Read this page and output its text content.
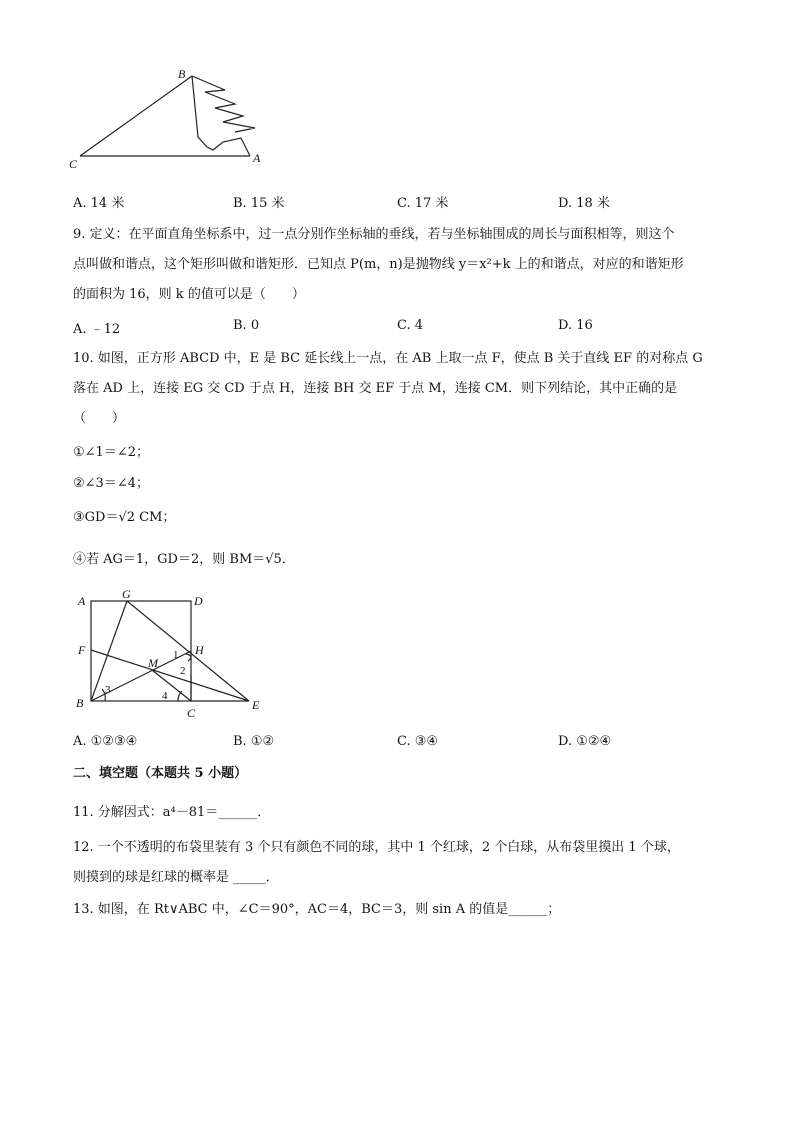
B
C	A
A. 14 米	B. 15 米	C. 17 米	D. 18 米
9. 定义：在平面直角坐标系中，过一点分别作坐标轴的垂线，若与坐标轴围成的周长与面积相等，则这个
点叫做和谐点，这个矩形叫做和谐矩形．已知点 P(m，n)是抛物线 y＝x²+k 上的和谐点，对应的和谐矩形
的面积为 16，则 k 的值可以是（　　）
A. ﹣12	B. 0	C. 4	D. 16
10. 如图，正方形 ABCD 中，E 是 BC 延长线上一点，在 AB 上取一点 F，使点 B 关于直线 EF 的对称点 G
落在 AD 上，连接 EG 交 CD 于点 H，连接 BH 交 EF 于点 M，连接 CM．则下列结论，其中正确的是
（　　）
①∠1＝∠2；
②∠3＝∠4；
③GD＝√2 CM；
④若 AG＝1，GD＝2，则 BM＝√5．
A	G	D
F	H
M
B
C
E
1
2
3	4
A. ①②③④	B. ①②	C. ③④	D. ①②④
二、填空题（本题共 5 小题）
11. 分解因式：a⁴－81＝______．
12. 一个不透明的布袋里装有 3 个只有颜色不同的球，其中 1 个红球，2 个白球，从布袋里摸出 1 个球，
则摸到的球是红球的概率是 _____．
13. 如图，在 Rt∨ABC 中，∠C＝90°，AC＝4，BC＝3，则 sin A 的值是______；
